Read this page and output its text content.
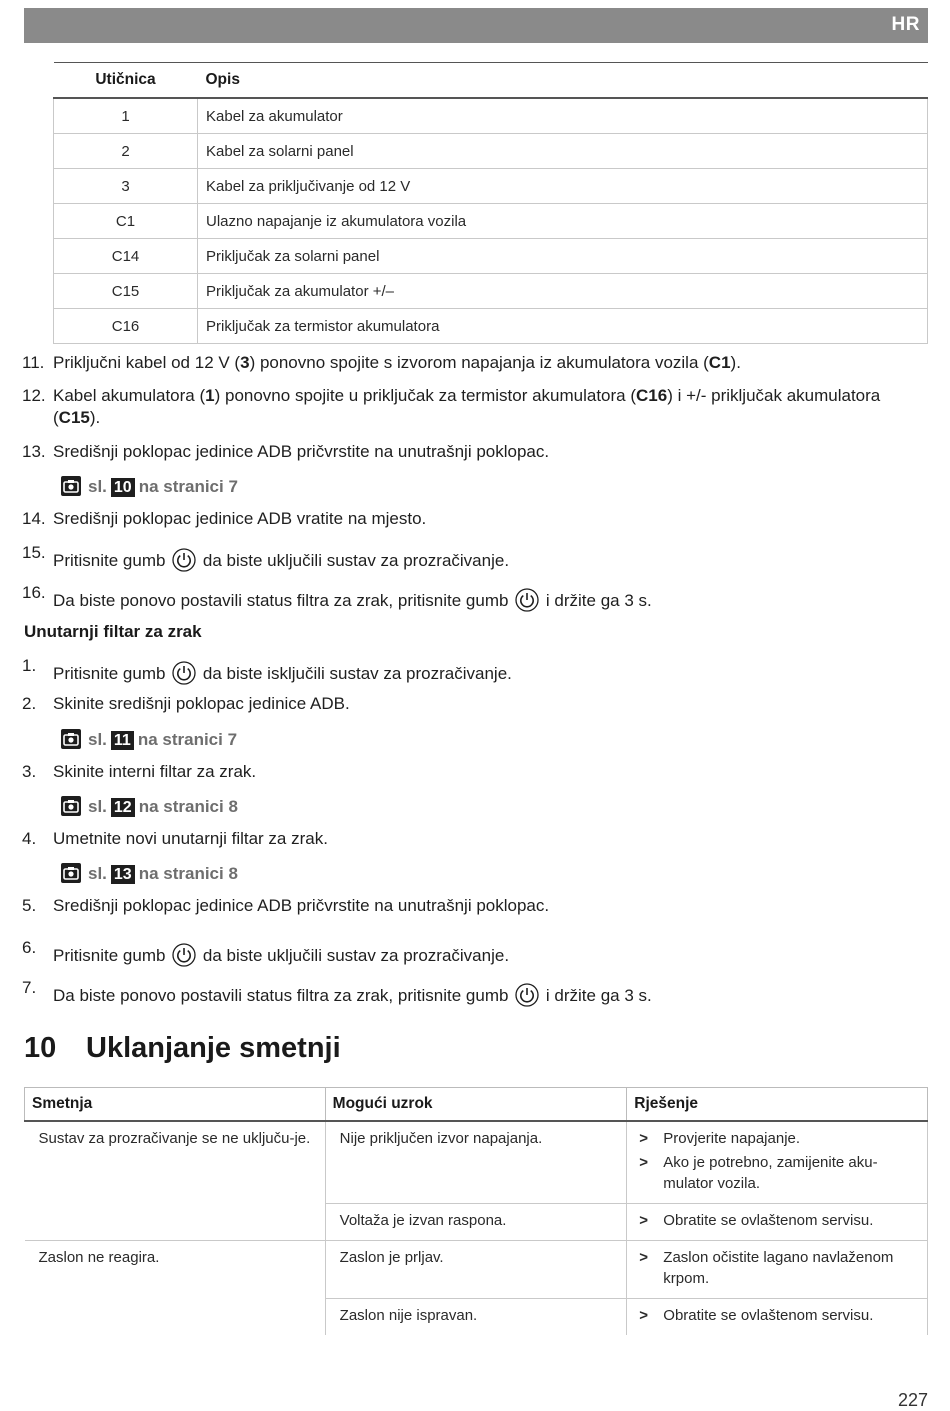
HR
Utičnica	Opis
1	Kabel za akumulator
2	Kabel za solarni panel
3	Kabel za priključivanje od 12 V
C1	Ulazno napajanje iz akumulatora vozila
C14	Priključak za solarni panel
C15	Priključak za akumulator +/–
C16	Priključak za termistor akumulatora
11. Priključni kabel od 12 V (3) ponovno spojite s izvorom napajanja iz akumulatora vozila (C1).
12. Kabel akumulatora (1) ponovno spojite u priključak za termistor akumulatora (C16) i +/- priključak akumulatora (C15).
13. Središnji poklopac jedinice ADB pričvrstite na unutrašnji poklopac.
sl. 10 na stranici 7
14. Središnji poklopac jedinice ADB vratite na mjesto.
15. Pritisnite gumb da biste uključili sustav za prozračivanje.
16. Da biste ponovo postavili status filtra za zrak, pritisnite gumb i držite ga 3 s.
Unutarnji filtar za zrak
1. Pritisnite gumb da biste isključili sustav za prozračivanje.
2. Skinite središnji poklopac jedinice ADB.
sl. 11 na stranici 7
3. Skinite interni filtar za zrak.
sl. 12 na stranici 8
4. Umetnite novi unutarnji filtar za zrak.
sl. 13 na stranici 8
5. Središnji poklopac jedinice ADB pričvrstite na unutrašnji poklopac.
6. Pritisnite gumb da biste uključili sustav za prozračivanje.
7. Da biste ponovo postavili status filtra za zrak, pritisnite gumb i držite ga 3 s.
10 Uklanjanje smetnji
Smetnja	Mogući uzrok	Rješenje
Sustav za prozračivanje se ne uključu-je.	Nije priključen izvor napajanja.	> Provjerite napajanje.
> Ako je potrebno, zamijenite aku-mulator vozila.

	Voltaža je izvan raspona.	> Obratite se ovlaštenom servisu.

Zaslon ne reagira.	Zaslon je prljav.	> Zaslon očistite lagano navlaženom krpom.

	Zaslon nije ispravan.	> Obratite se ovlaštenom servisu.
227
